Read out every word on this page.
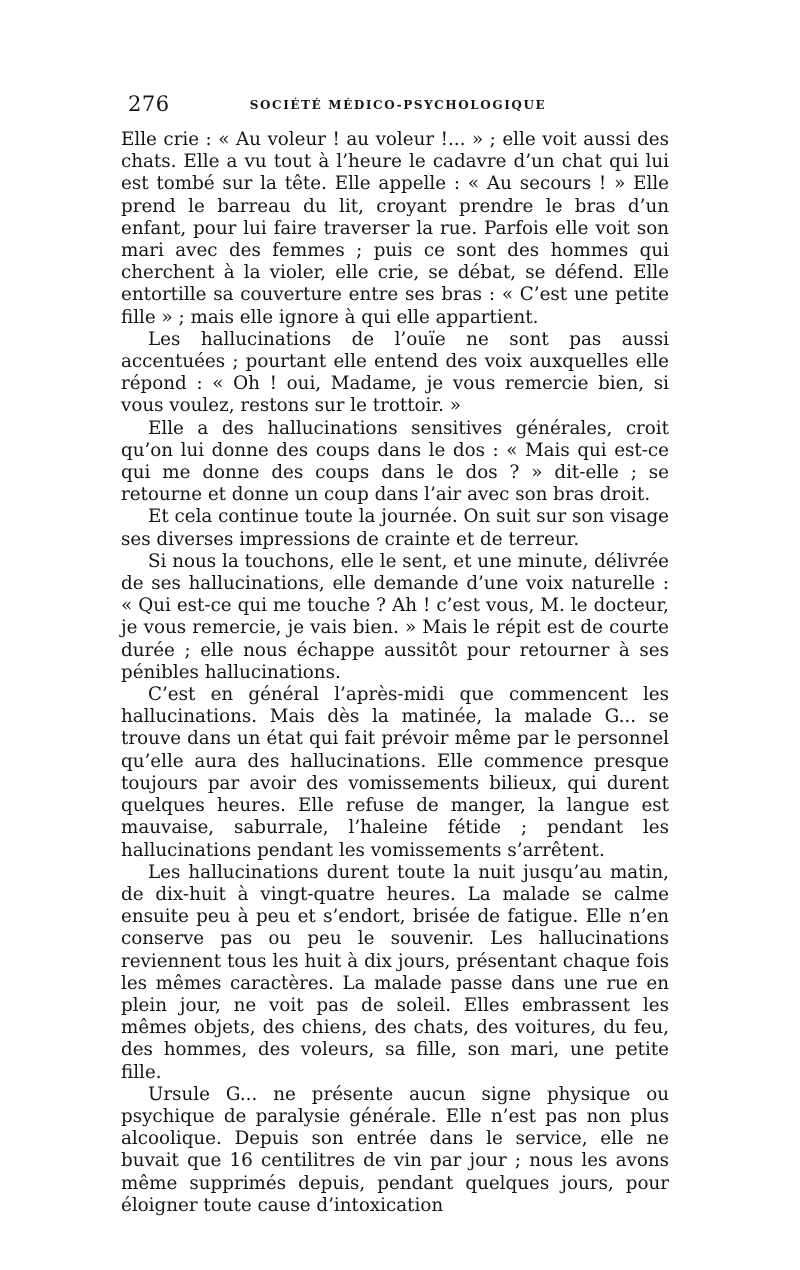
276	SOCIÉTÉ MÉDICO-PSYCHOLOGIQUE

Elle crie : « Au voleur ! au voleur !... » ; elle voit aussi des chats. Elle a vu tout à l’heure le cadavre d’un chat qui lui est tombé sur la tête. Elle appelle : « Au secours ! » Elle prend le barreau du lit, croyant prendre le bras d’un enfant, pour lui faire traverser la rue. Parfois elle voit son mari avec des femmes ; puis ce sont des hommes qui cherchent à la violer, elle crie, se débat, se défend. Elle entortille sa couverture entre ses bras : « C’est une petite fille » ; mais elle ignore à qui elle appartient.

Les hallucinations de l’ouïe ne sont pas aussi accentuées ; pourtant elle entend des voix auxquelles elle répond : « Oh ! oui, Madame, je vous remercie bien, si vous voulez, restons sur le trottoir. »

Elle a des hallucinations sensitives générales, croit qu’on lui donne des coups dans le dos : « Mais qui est-ce qui me donne des coups dans le dos ? » dit-elle ; se retourne et donne un coup dans l’air avec son bras droit.

Et cela continue toute la journée. On suit sur son visage ses diverses impressions de crainte et de terreur.

Si nous la touchons, elle le sent, et une minute, délivrée de ses hallucinations, elle demande d’une voix naturelle : « Qui est-ce qui me touche ? Ah ! c’est vous, M. le docteur, je vous remercie, je vais bien. » Mais le répit est de courte durée ; elle nous échappe aussitôt pour retourner à ses pénibles hallucinations.

C’est en général l’après-midi que commencent les hallucinations. Mais dès la matinée, la malade G... se trouve dans un état qui fait prévoir même par le personnel qu’elle aura des hallucinations. Elle commence presque toujours par avoir des vomissements bilieux, qui durent quelques heures. Elle refuse de manger, la langue est mauvaise, saburrale, l’haleine fétide ; pendant les hallucinations pendant les vomissements s’arrêtent.

Les hallucinations durent toute la nuit jusqu’au matin, de dix-huit à vingt-quatre heures. La malade se calme ensuite peu à peu et s’endort, brisée de fatigue. Elle n’en conserve pas ou peu le souvenir. Les hallucinations reviennent tous les huit à dix jours, présentant chaque fois les mêmes caractères. La malade passe dans une rue en plein jour, ne voit pas de soleil. Elles embrassent les mêmes objets, des chiens, des chats, des voitures, du feu, des hommes, des voleurs, sa fille, son mari, une petite fille.

Ursule G... ne présente aucun signe physique ou psychique de paralysie générale. Elle n’est pas non plus alcoolique. Depuis son entrée dans le service, elle ne buvait que 16 centilitres de vin par jour ; nous les avons même supprimés depuis, pendant quelques jours, pour éloigner toute cause d’intoxication
